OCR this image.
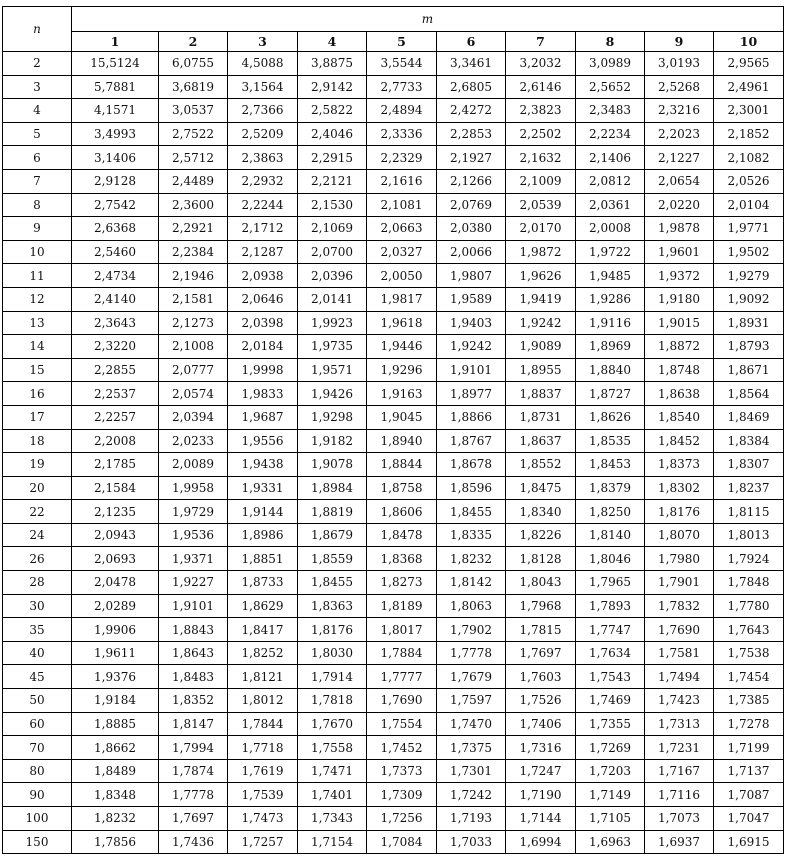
n	m									
	1	2	3	4	5	6	7	8	9	10
2	15,5124	6,0755	4,5088	3,8875	3,5544	3,3461	3,2032	3,0989	3,0193	2,9565
3	5,7881	3,6819	3,1564	2,9142	2,7733	2,6805	2,6146	2,5652	2,5268	2,4961
4	4,1571	3,0537	2,7366	2,5822	2,4894	2,4272	2,3823	2,3483	2,3216	2,3001
5	3,4993	2,7522	2,5209	2,4046	2,3336	2,2853	2,2502	2,2234	2,2023	2,1852
6	3,1406	2,5712	2,3863	2,2915	2,2329	2,1927	2,1632	2,1406	2,1227	2,1082
7	2,9128	2,4489	2,2932	2,2121	2,1616	2,1266	2,1009	2,0812	2,0654	2,0526
8	2,7542	2,3600	2,2244	2,1530	2,1081	2,0769	2,0539	2,0361	2,0220	2,0104
9	2,6368	2,2921	2,1712	2,1069	2,0663	2,0380	2,0170	2,0008	1,9878	1,9771
10	2,5460	2,2384	2,1287	2,0700	2,0327	2,0066	1,9872	1,9722	1,9601	1,9502
11	2,4734	2,1946	2,0938	2,0396	2,0050	1,9807	1,9626	1,9485	1,9372	1,9279
12	2,4140	2,1581	2,0646	2,0141	1,9817	1,9589	1,9419	1,9286	1,9180	1,9092
13	2,3643	2,1273	2,0398	1,9923	1,9618	1,9403	1,9242	1,9116	1,9015	1,8931
14	2,3220	2,1008	2,0184	1,9735	1,9446	1,9242	1,9089	1,8969	1,8872	1,8793
15	2,2855	2,0777	1,9998	1,9571	1,9296	1,9101	1,8955	1,8840	1,8748	1,8671
16	2,2537	2,0574	1,9833	1,9426	1,9163	1,8977	1,8837	1,8727	1,8638	1,8564
17	2,2257	2,0394	1,9687	1,9298	1,9045	1,8866	1,8731	1,8626	1,8540	1,8469
18	2,2008	2,0233	1,9556	1,9182	1,8940	1,8767	1,8637	1,8535	1,8452	1,8384
19	2,1785	2,0089	1,9438	1,9078	1,8844	1,8678	1,8552	1,8453	1,8373	1,8307
20	2,1584	1,9958	1,9331	1,8984	1,8758	1,8596	1,8475	1,8379	1,8302	1,8237
22	2,1235	1,9729	1,9144	1,8819	1,8606	1,8455	1,8340	1,8250	1,8176	1,8115
24	2,0943	1,9536	1,8986	1,8679	1,8478	1,8335	1,8226	1,8140	1,8070	1,8013
26	2,0693	1,9371	1,8851	1,8559	1,8368	1,8232	1,8128	1,8046	1,7980	1,7924
28	2,0478	1,9227	1,8733	1,8455	1,8273	1,8142	1,8043	1,7965	1,7901	1,7848
30	2,0289	1,9101	1,8629	1,8363	1,8189	1,8063	1,7968	1,7893	1,7832	1,7780
35	1,9906	1,8843	1,8417	1,8176	1,8017	1,7902	1,7815	1,7747	1,7690	1,7643
40	1,9611	1,8643	1,8252	1,8030	1,7884	1,7778	1,7697	1,7634	1,7581	1,7538
45	1,9376	1,8483	1,8121	1,7914	1,7777	1,7679	1,7603	1,7543	1,7494	1,7454
50	1,9184	1,8352	1,8012	1,7818	1,7690	1,7597	1,7526	1,7469	1,7423	1,7385
60	1,8885	1,8147	1,7844	1,7670	1,7554	1,7470	1,7406	1,7355	1,7313	1,7278
70	1,8662	1,7994	1,7718	1,7558	1,7452	1,7375	1,7316	1,7269	1,7231	1,7199
80	1,8489	1,7874	1,7619	1,7471	1,7373	1,7301	1,7247	1,7203	1,7167	1,7137
90	1,8348	1,7778	1,7539	1,7401	1,7309	1,7242	1,7190	1,7149	1,7116	1,7087
100	1,8232	1,7697	1,7473	1,7343	1,7256	1,7193	1,7144	1,7105	1,7073	1,7047
150	1,7856	1,7436	1,7257	1,7154	1,7084	1,7033	1,6994	1,6963	1,6937	1,6915
